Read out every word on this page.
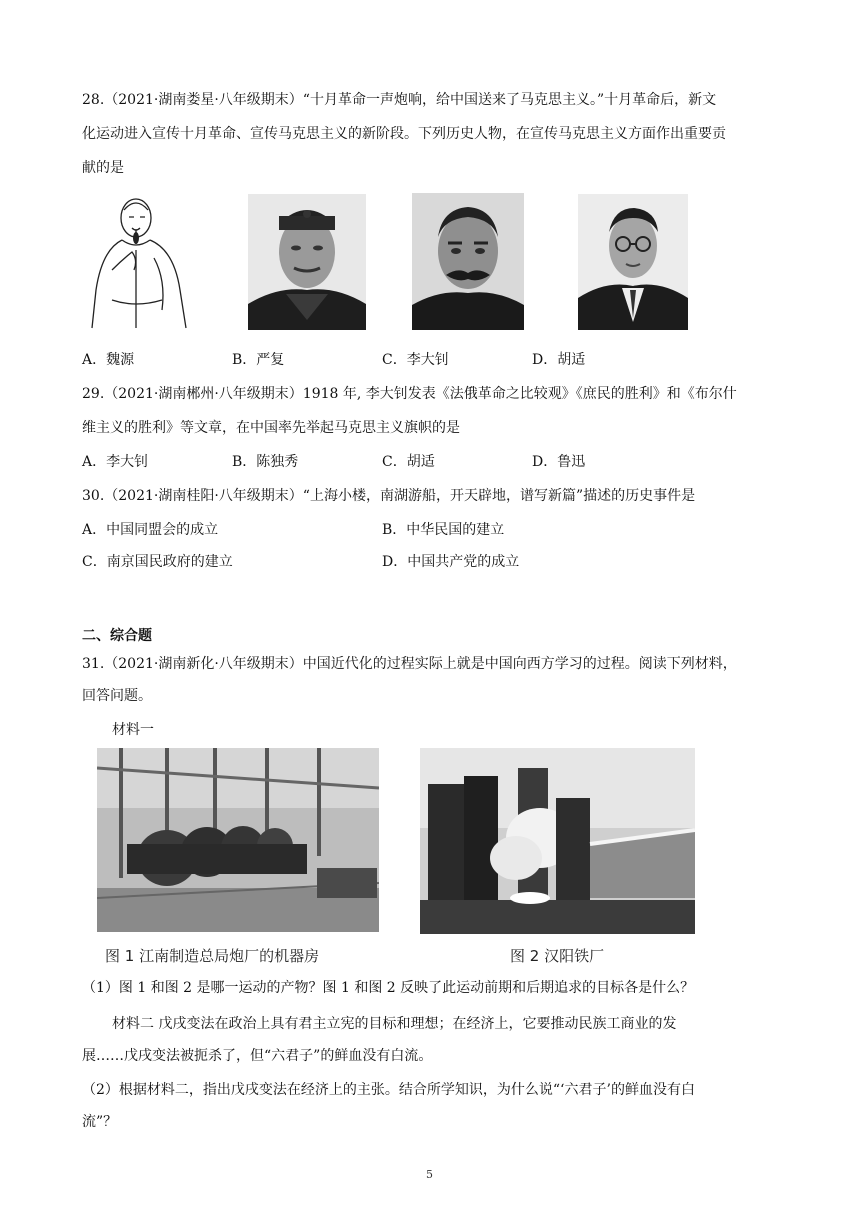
28.（2021·湖南娄星·八年级期末）“十月革命一声炮响，给中国送来了马克思主义。”十月革命后，新文
化运动进入宣传十月革命、宣传马克思主义的新阶段。下列历史人物，在宣传马克思主义方面作出重要贡
献的是
A．魏源	B．严复	C．李大钊	D．胡适
29.（2021·湖南郴州·八年级期末）1918 年, 李大钊发表《法俄革命之比较观》《庶民的胜利》和《布尔什
维主义的胜利》等文章，在中国率先举起马克思主义旗帜的是
A．李大钊	B．陈独秀	C．胡适	D．鲁迅
30.（2021·湖南桂阳·八年级期末）“上海小楼，南湖游船，开天辟地，谱写新篇”描述的历史事件是
A．中国同盟会的成立	B．中华民国的建立
C．南京国民政府的建立	D．中国共产党的成立
二、综合题
31.（2021·湖南新化·八年级期末）中国近代化的过程实际上就是中国向西方学习的过程。阅读下列材料，
回答问题。
材料一
图 1 江南制造总局炮厂的机器房	图 2 汉阳铁厂
（1）图 1 和图 2 是哪一运动的产物？图 1 和图 2 反映了此运动前期和后期追求的目标各是什么？
材料二 戊戌变法在政治上具有君主立宪的目标和理想；在经济上，它要推动民族工商业的发
展……戊戌变法被扼杀了，但“六君子”的鲜血没有白流。
（2）根据材料二，指出戊戌变法在经济上的主张。结合所学知识，为什么说“‘六君子’的鲜血没有白
流”？
5
